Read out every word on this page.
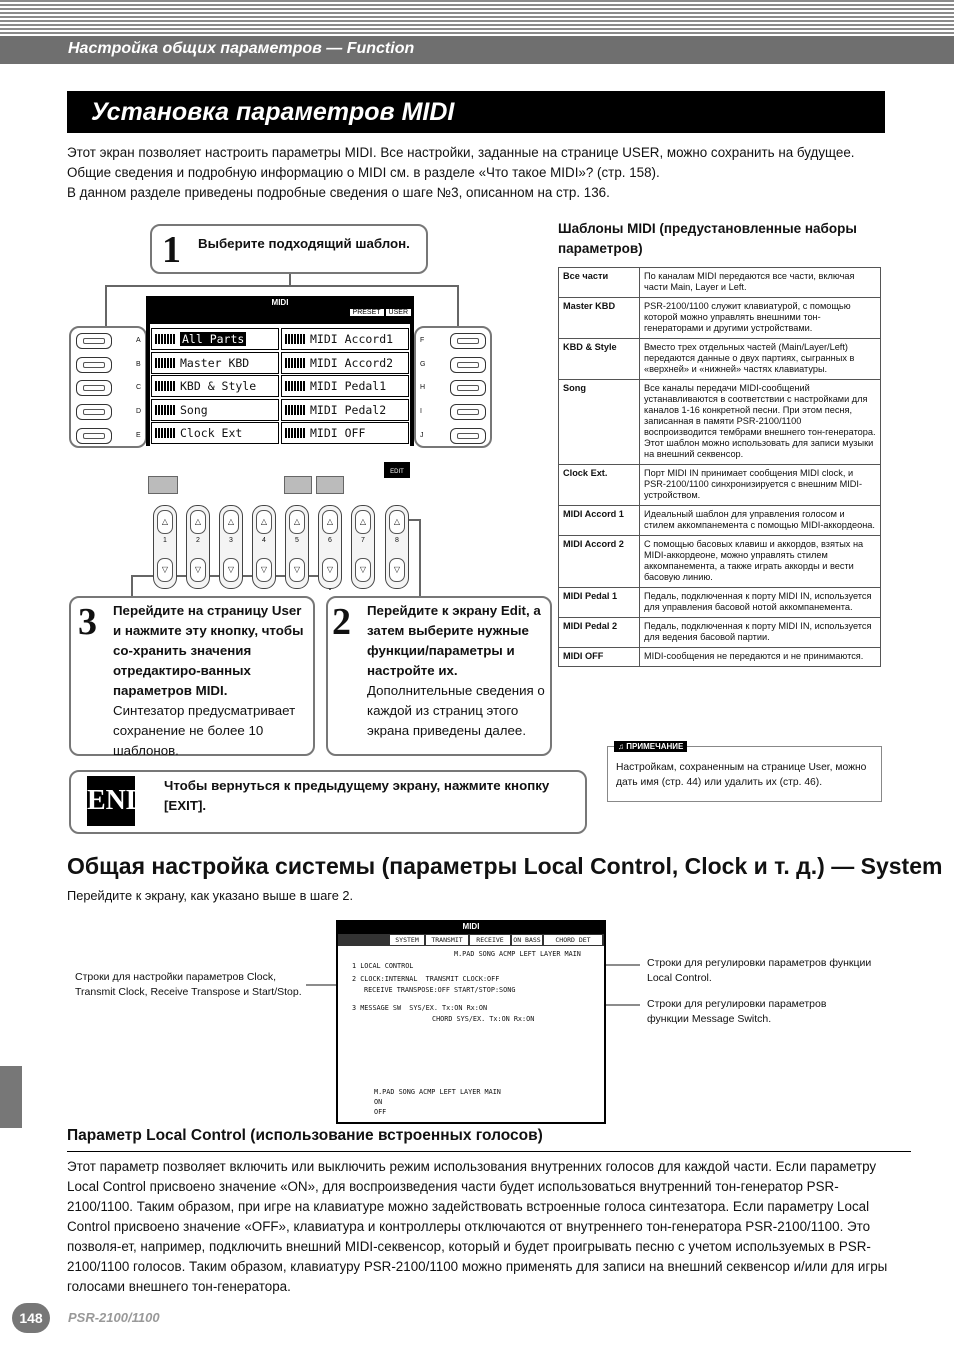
Настройка общих параметров — Function
Установка параметров MIDI
Этот экран позволяет настроить параметры MIDI. Все настройки, заданные на странице USER, можно сохранить на будущее.
Общие сведения и подробную информацию о MIDI см. в разделе «Что такое MIDI»? (стр. 158).
В данном разделе приведены подробные сведения о шаге №3, описанном на стр. 136.
1 Выберите подходящий шаблон.
A
B
C
D
E
F
G
H
I
J
MIDI
PRESET USER
All Parts
Master KBD
KBD & Style
Song
Clock Ext
MIDI Accord1
MIDI Accord2
MIDI Pedal1
MIDI Pedal2
MIDI OFF
EDIT
△
1
▽
△
2
▽
△
3
▽
△
4
▽
△
5
▽
△
6
▽
△
7
▽
△
8
▽
3 Перейдите на страницу User и нажмите эту кнопку, чтобы со-хранить значения отредактиро-ванных параметров MIDI.
Синтезатор предусматривает сохранение не более 10 шаблонов.
2 Перейдите к экрану Edit, а затем выберите нужные функции/параметры и настройте их.
Дополнительные сведения о каждой из страниц этого экрана приведены далее.
Шаблоны MIDI (предустановленные наборы параметров)
Все части	По каналам MIDI передаются все части, включая части Main, Layer и Left.
Master KBD	PSR-2100/1100 служит клавиатурой, с помощью которой можно управлять внешними тон-генераторами и другими устройствами.
KBD & Style	Вместо трех отдельных частей (Main/Layer/Left) передаются данные о двух партиях, сыгранных в «верхней» и «нижней» частях клавиатуры.
Song	Все каналы передачи MIDI-сообщений устанавливаются в соответствии с настройками для каналов 1-16 конкретной песни. При этом песня, записанная в памяти PSR-2100/1100 воспроизводится тембрами внешнего тон-генератора. Этот шаблон можно использовать для записи музыки на внешний секвенсор.
Clock Ext.	Порт MIDI IN принимает сообщения MIDI clock, и PSR-2100/1100 синхронизируется с внешним MIDI-устройством.
MIDI Accord 1	Идеальный шаблон для управления голосом и стилем аккомпанемента с помощью MIDI-аккордеона.
MIDI Accord 2	С помощью басовых клавиш и аккордов, взятых на MIDI-аккордеоне, можно управлять стилем аккомпанемента, а также играть аккорды и вести басовую линию.
MIDI Pedal 1	Педаль, подключенная к порту MIDI IN, используется для управления басовой нотой аккомпанемента.
MIDI Pedal 2	Педаль, подключенная к порту MIDI IN, используется для ведения басовой партии.
MIDI OFF	MIDI-сообщения не передаются и не принимаются.
♫ ПРИМЕЧАНИЕ
Настройкам, сохраненным на странице User, можно дать имя (стр. 44) или удалить их (стр. 46).
END Чтобы вернуться к предыдущему экрану, нажмите кнопку [EXIT].
Общая настройка системы (параметры Local Control, Clock и т. д.) — System
Перейдите к экрану, как указано выше в шаге 2.
MIDI
SYSTEM	TRANSMIT	RECEIVE	ON BASS	CHORD DET
M.PAD SONG ACMP LEFT LAYER MAIN
1 LOCAL CONTROL
2 CLOCK:INTERNAL TRANSMIT CLOCK:OFF
RECEIVE TRANSPOSE:OFF START/STOP:SONG
3 MESSAGE SW SYS/EX. Tx:ON Rx:ON
CHORD SYS/EX. Tx:ON Rx:ON
M.PAD SONG ACMP LEFT LAYER MAIN
ON
OFF
Строки для настройки параметров Clock, Transmit Clock, Receive Transpose и Start/Stop.
Строки для регулировки параметров функции Local Control.
Строки для регулировки параметров функции Message Switch.
Параметр Local Control (использование встроенных голосов)
Этот параметр позволяет включить или выключить режим использования внутренних голосов для каждой части. Если параметру Local Control присвоено значение «ON», для воспроизведения части будет использоваться внутренний тон-генератор PSR-2100/1100. Таким образом, при игре на клавиатуре можно задействовать встроенные голоса синтезатора. Если параметру Local Control присвоено значение «OFF», клавиатура и контроллеры отключаются от внутреннего тон-генератора PSR-2100/1100. Это позволя-ет, например, подключить внешний MIDI-секвенсор, который и будет проигрывать песню с учетом используемых в PSR-2100/1100 голосов. Таким образом, клавиатуру PSR-2100/1100 можно применять для записи на внешний секвенсор и/или для игры голосами внешнего тон-генератора.
148	PSR-2100/1100
